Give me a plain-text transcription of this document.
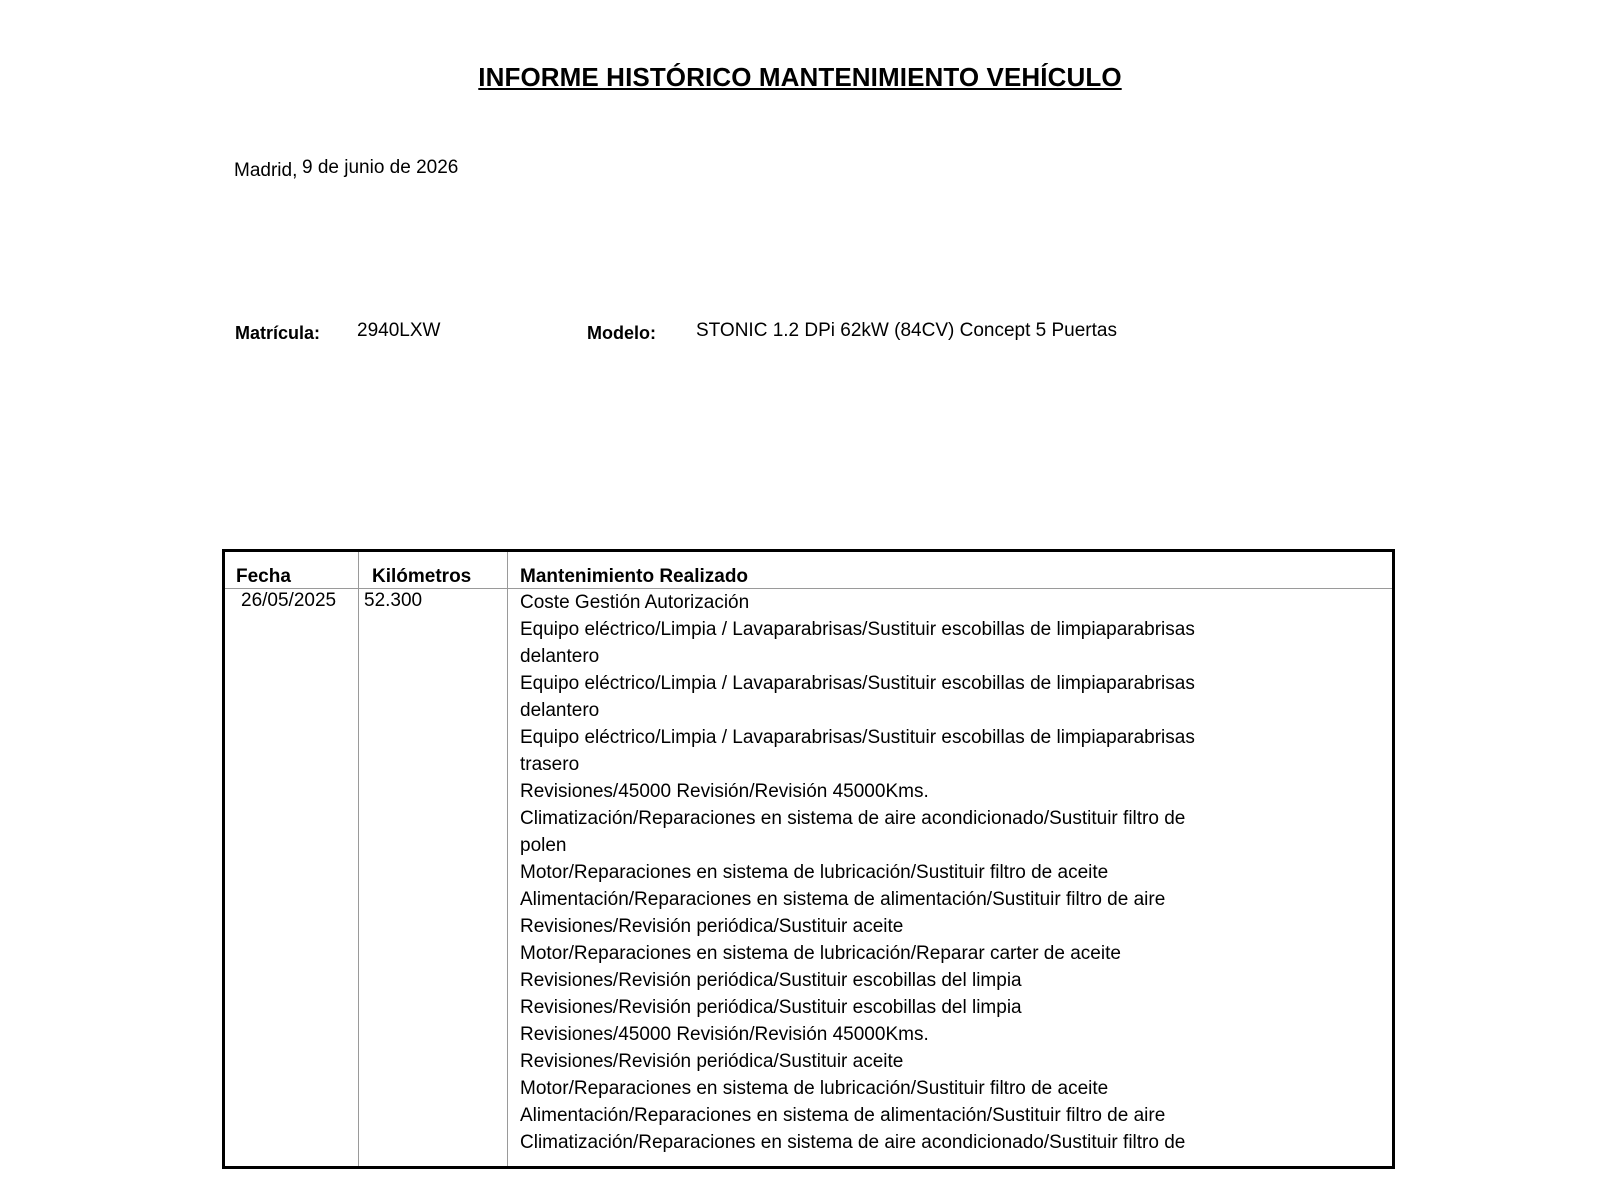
INFORME HISTÓRICO MANTENIMIENTO VEHÍCULO
Madrid, 9 de junio de 2026
Matrícula: 2940LXW	Modelo: STONIC 1.2 DPi 62kW (84CV) Concept 5 Puertas
Fecha	Kilómetros	Mantenimiento Realizado
26/05/2025 52.300	Coste Gestión Autorización
Equipo eléctrico/Limpia / Lavaparabrisas/Sustituir escobillas de limpiaparabrisas
delantero
Equipo eléctrico/Limpia / Lavaparabrisas/Sustituir escobillas de limpiaparabrisas
delantero
Equipo eléctrico/Limpia / Lavaparabrisas/Sustituir escobillas de limpiaparabrisas
trasero
Revisiones/45000 Revisión/Revisión 45000Kms.
Climatización/Reparaciones en sistema de aire acondicionado/Sustituir filtro de
polen
Motor/Reparaciones en sistema de lubricación/Sustituir filtro de aceite
Alimentación/Reparaciones en sistema de alimentación/Sustituir filtro de aire
Revisiones/Revisión periódica/Sustituir aceite
Motor/Reparaciones en sistema de lubricación/Reparar carter de aceite
Revisiones/Revisión periódica/Sustituir escobillas del limpia
Revisiones/Revisión periódica/Sustituir escobillas del limpia
Revisiones/45000 Revisión/Revisión 45000Kms.
Revisiones/Revisión periódica/Sustituir aceite
Motor/Reparaciones en sistema de lubricación/Sustituir filtro de aceite
Alimentación/Reparaciones en sistema de alimentación/Sustituir filtro de aire
Climatización/Reparaciones en sistema de aire acondicionado/Sustituir filtro de
